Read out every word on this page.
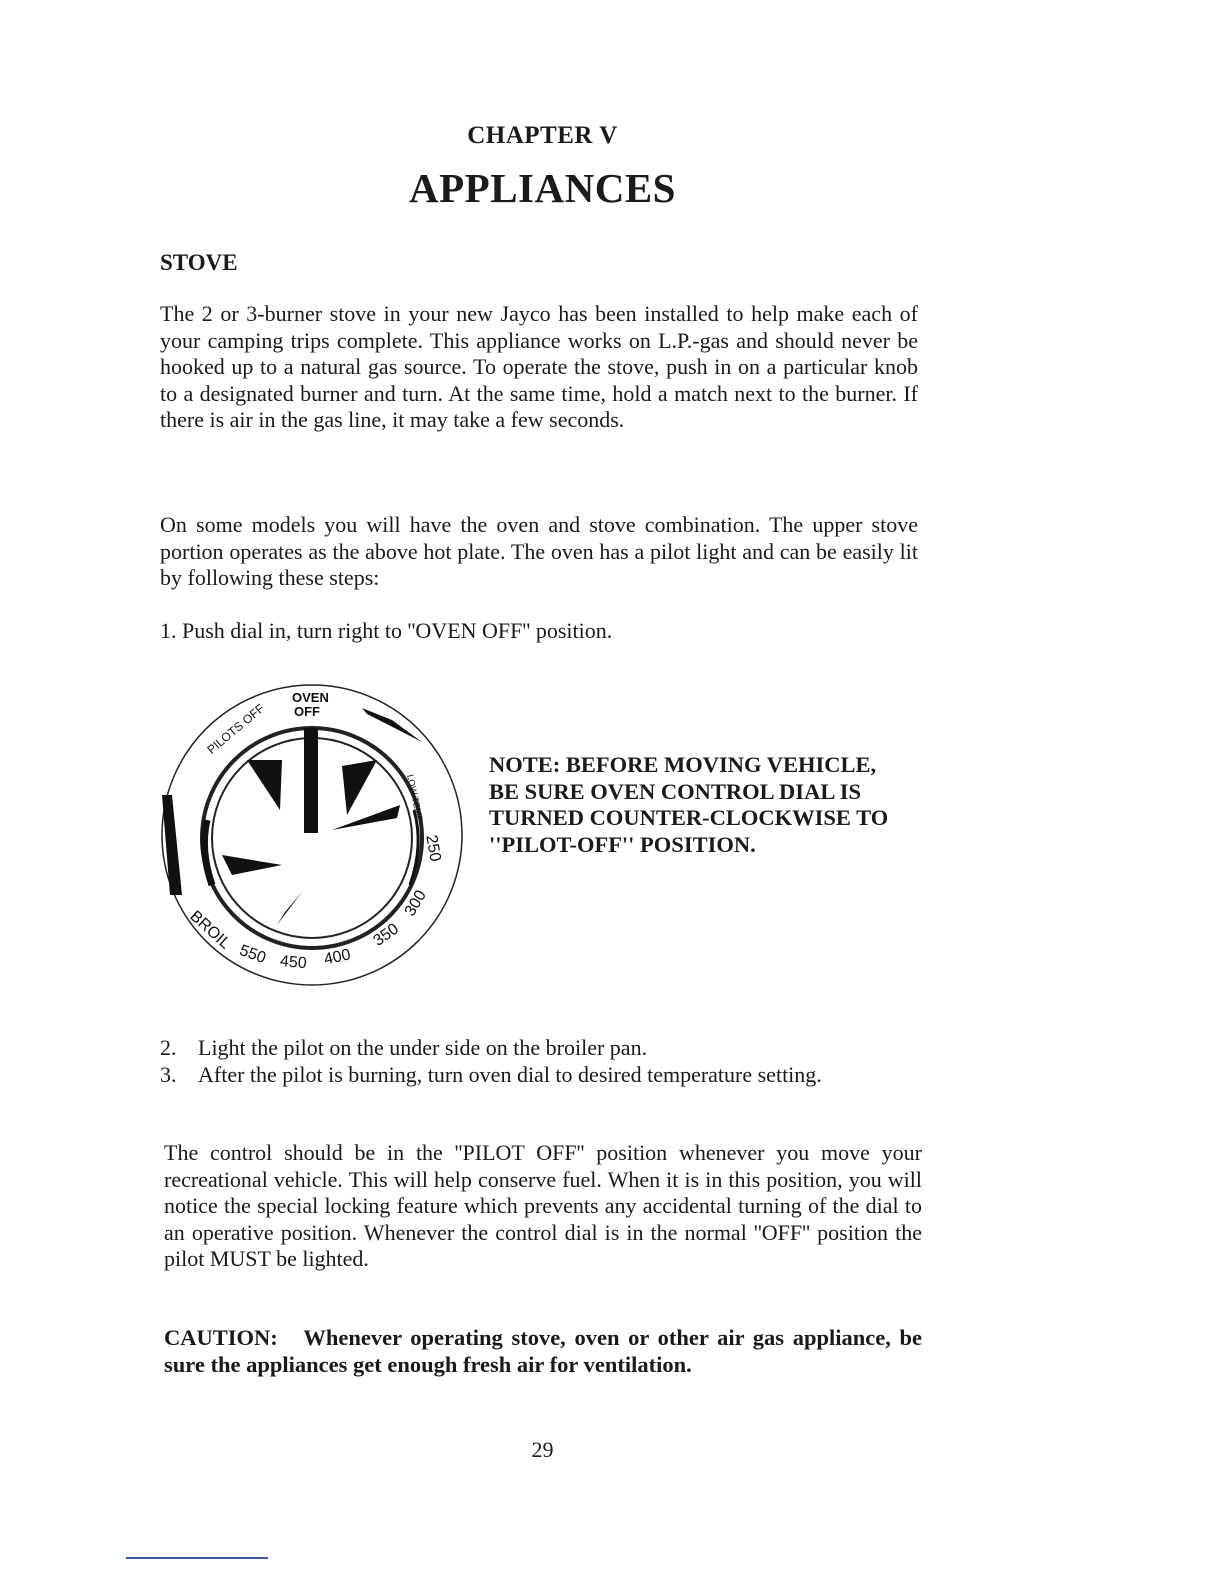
CHAPTER V
APPLIANCES
STOVE
The 2 or 3-burner stove in your new Jayco has been installed to help make each of your camping trips complete. This appliance works on L.P.-gas and should never be hooked up to a natural gas source. To operate the stove, push in on a particular knob to a designated burner and turn. At the same time, hold a match next to the burner. If there is air in the gas line, it may take a few seconds.
On some models you will have the oven and stove combination. The upper stove portion operates as the above hot plate. The oven has a pilot light and can be easily lit by following these steps:
1. Push dial in, turn right to ''OVEN OFF'' position.
OVEN
OFF
PILOTS OFF
LOW TEMP
250
300
350
400
450
550
BROIL
NOTE: BEFORE MOVING VEHICLE,
BE SURE OVEN CONTROL DIAL IS
TURNED COUNTER-CLOCKWISE TO
''PILOT-OFF'' POSITION.
2. Light the pilot on the under side on the broiler pan.
3. After the pilot is burning, turn oven dial to desired temperature setting.
The control should be in the ''PILOT OFF'' position whenever you move your recreational vehicle. This will help conserve fuel. When it is in this position, you will notice the special locking feature which prevents any accidental turning of the dial to an operative position. Whenever the control dial is in the normal ''OFF'' position the pilot MUST be lighted.
CAUTION: Whenever operating stove, oven or other air gas appliance, be sure the appliances get enough fresh air for ventilation.
29
